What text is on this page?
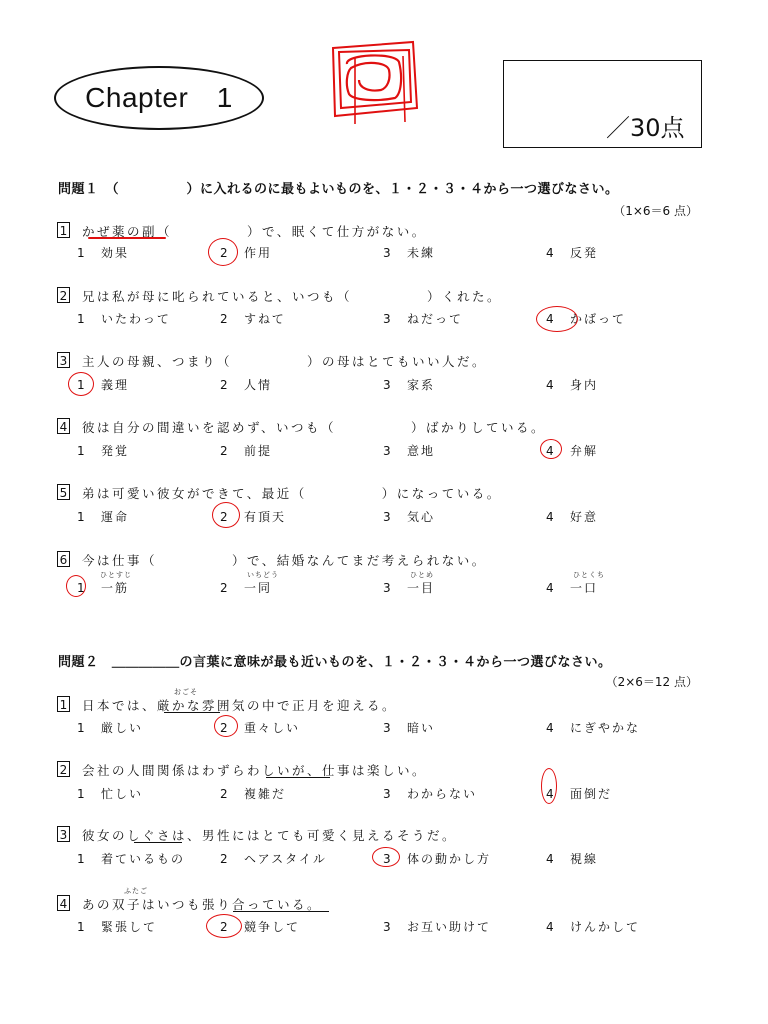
Chapter　1
／30点
問題１　（　　　　　）に入れるのに最もよいものを、１・２・３・４から一つ選びなさい。
（1×6＝6 点）
1 かぜ薬の副（　　　　　）で、眠くて仕方がない。
1 効果	2 作用	3 未練	4 反発
2 兄は私が母に叱られていると、いつも（　　　　　）くれた。
1 いたわって	2 すねて	3 ねだって	4 かばって
3 主人の母親、つまり（　　　　　）の母はとてもいい人だ。
1 義理	2 人情	3 家系	4 身内
4 彼は自分の間違いを認めず、いつも（　　　　　）ばかりしている。
1 発覚	2 前提	3 意地	4 弁解
5 弟は可愛い彼女ができて、最近（　　　　　）になっている。
1 運命	2 有頂天	3 気心	4 好意
6 今は仕事（　　　　　）で、結婚なんてまだ考えられない。
ひとすじ	いちどう	ひとめ	ひとくち
1 一筋	2 一同	3 一目	4 一口
問題２　＿＿＿＿＿の言葉に意味が最も近いものを、１・２・３・４から一つ選びなさい。
（2×6＝12 点）
1
おごそ
日本では、厳かな雰囲気の中で正月を迎える。
1 厳しい	2 重々しい	3 暗い	4 にぎやかな
2 会社の人間関係はわずらわしいが、仕事は楽しい。
1 忙しい	2 複雑だ	3 わからない	4 面倒だ
3 彼女のしぐさは、男性にはとても可愛く見えるそうだ。
1 着ているもの	2 ヘアスタイル	3 体の動かし方	4 視線
4
ふたご
あの双子はいつも張り合っている。
1 緊張して	2 競争して	3 お互い助けて	4 けんかして
